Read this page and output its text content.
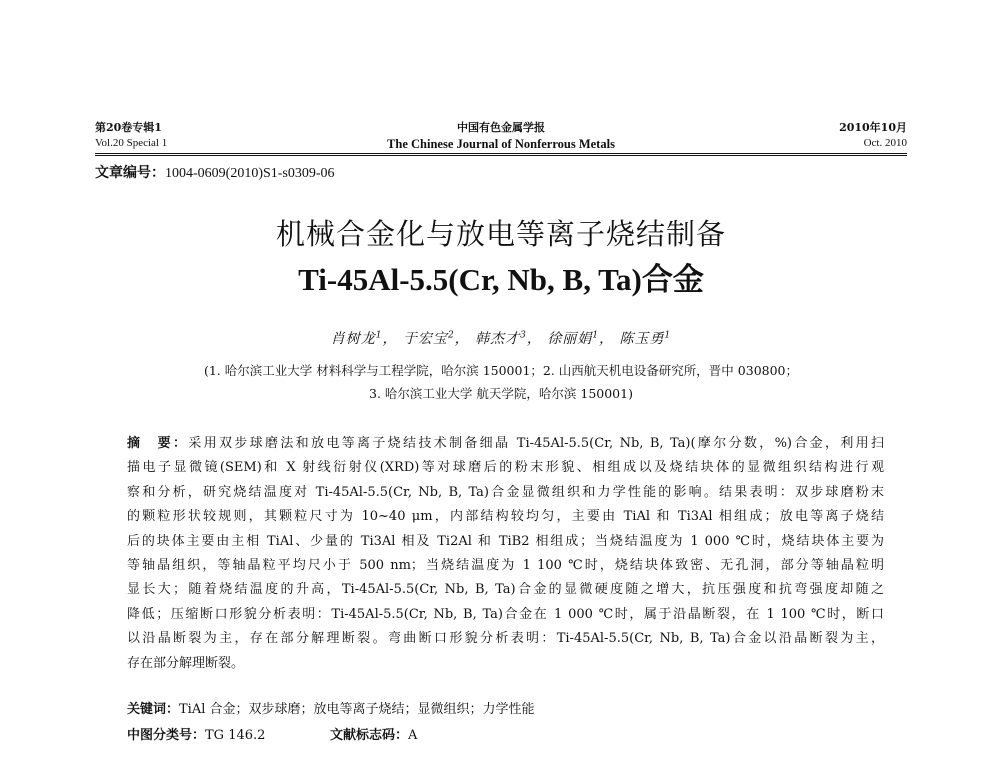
第20卷专辑1	中国有色金属学报	2010年10月
Vol.20 Special 1	The Chinese Journal of Nonferrous Metals	Oct. 2010
文章编号：1004-0609(2010)S1-s0309-06
机械合金化与放电等离子烧结制备
Ti-45Al-5.5(Cr, Nb, B, Ta)合金
肖树龙$^1$， 于宏宝$^2$， 韩杰才$^3$， 徐丽娟$^1$， 陈玉勇$^1$
(1. 哈尔滨工业大学 材料科学与工程学院，哈尔滨 150001；2. 山西航天机电设备研究所，晋中 030800；
3. 哈尔滨工业大学 航天学院，哈尔滨 150001)
摘　要：采用双步球磨法和放电等离子烧结技术制备细晶 Ti-45Al-5.5(Cr, Nb, B, Ta)(摩尔分数，%)合金，利用扫
描电子显微镜(SEM)和 X 射线衍射仪(XRD)等对球磨后的粉末形貌、相组成以及烧结块体的显微组织结构进行观
察和分析，研究烧结温度对 Ti-45Al-5.5(Cr, Nb, B, Ta)合金显微组织和力学性能的影响。结果表明：双步球磨粉末
的颗粒形状较规则，其颗粒尺寸为 10~40 μm，内部结构较均匀，主要由 TiAl 和 Ti3Al 相组成；放电等离子烧结
后的块体主要由主相 TiAl、少量的 Ti3Al 相及 Ti2Al 和 TiB2 相组成；当烧结温度为 1 000 ℃时，烧结块体主要为
等轴晶组织，等轴晶粒平均尺小于 500 nm；当烧结温度为 1 100 ℃时，烧结块体致密、无孔洞，部分等轴晶粒明
显长大；随着烧结温度的升高，Ti-45Al-5.5(Cr, Nb, B, Ta)合金的显微硬度随之增大，抗压强度和抗弯强度却随之
降低；压缩断口形貌分析表明：Ti-45Al-5.5(Cr, Nb, B, Ta)合金在 1 000 ℃时，属于沿晶断裂，在 1 100 ℃时，断口
以沿晶断裂为主，存在部分解理断裂。弯曲断口形貌分析表明：Ti-45Al-5.5(Cr, Nb, B, Ta)合金以沿晶断裂为主，
存在部分解理断裂。
关键词：TiAl 合金；双步球磨；放电等离子烧结；显微组织；力学性能
中图分类号：TG 146.2	文献标志码：A
